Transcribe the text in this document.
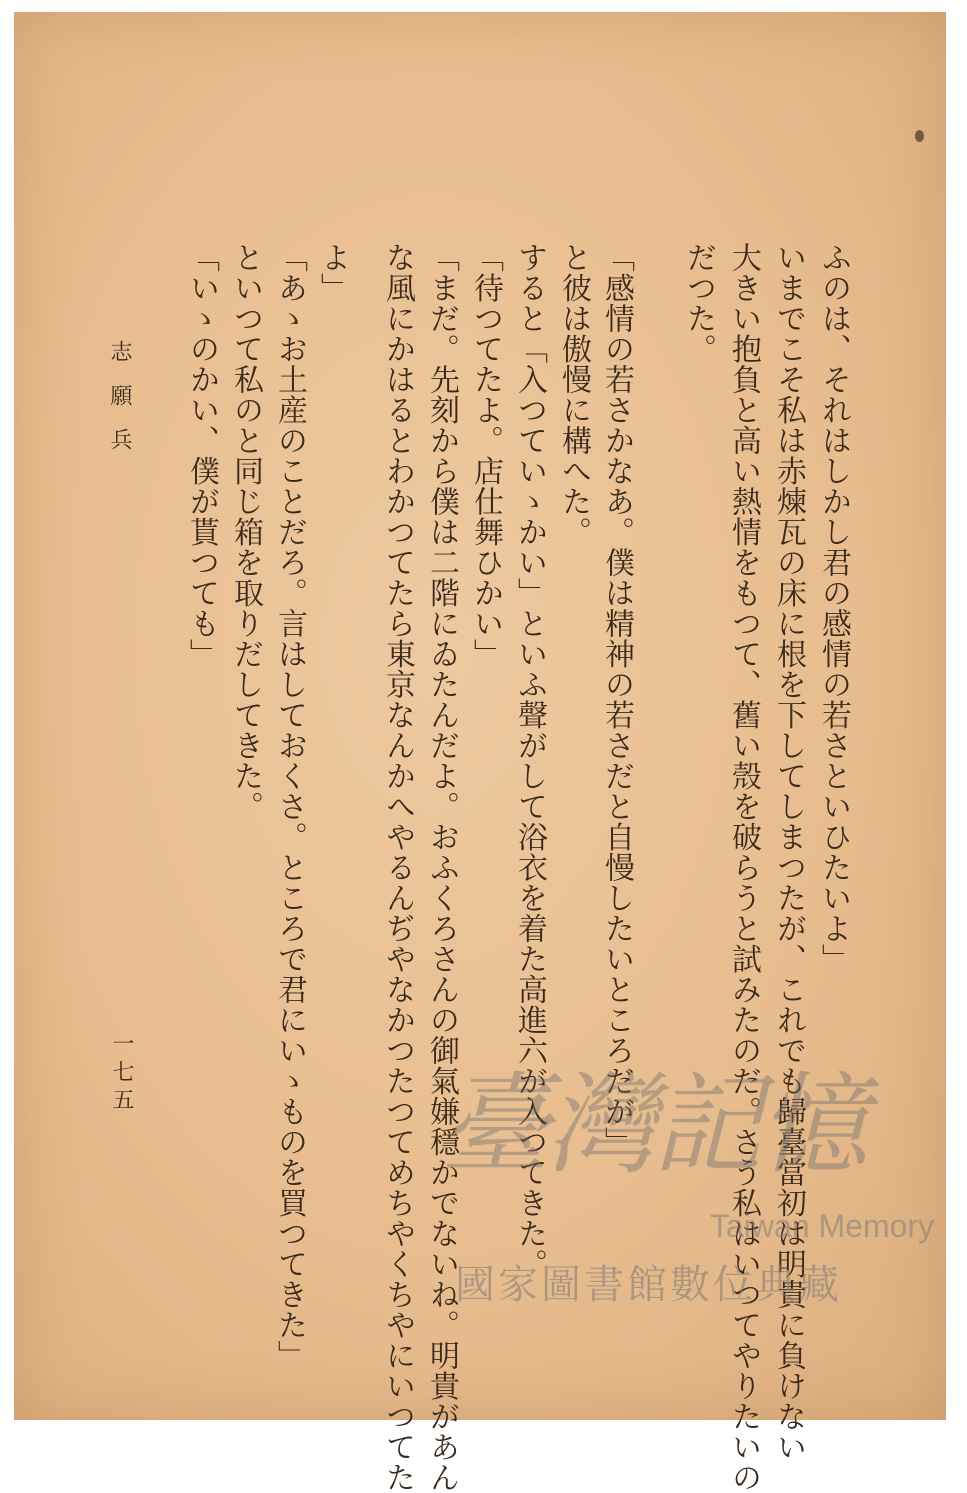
ふのは、それはしかし君の感情の若さといひたいよ」
いまでこそ私は赤煉瓦の床に根を下してしまつたが、これでも歸臺當初は明貴に負けない
大きい抱負と高い熱情をもつて、舊い殼を破らうと試みたのだ。さう私はいつてやりたいの
だつた。
「感情の若さかなあ。僕は精神の若さだと自慢したいところだが」
と彼は傲慢に構へた。
すると「入つていゝかい」といふ聲がして浴衣を着た高進六が入つてきた。
「待つてたよ。店仕舞ひかい」
「まだ。先刻から僕は二階にゐたんだよ。おふくろさんの御氣嫌穩かでないね。明貴があん
な風にかはるとわかつてたら東京なんかへやるんぢやなかつたつてめちやくちやにいつてた
よ」
「あゝお土産のことだろ。言はしておくさ。ところで君にいゝものを買つてきた」
といつて私のと同じ箱を取りだしてきた。
「いゝのかい、僕が貰つても」
志願兵
一七五	臺灣記憶
Taiwan Memory
國家圖書館數位典藏
